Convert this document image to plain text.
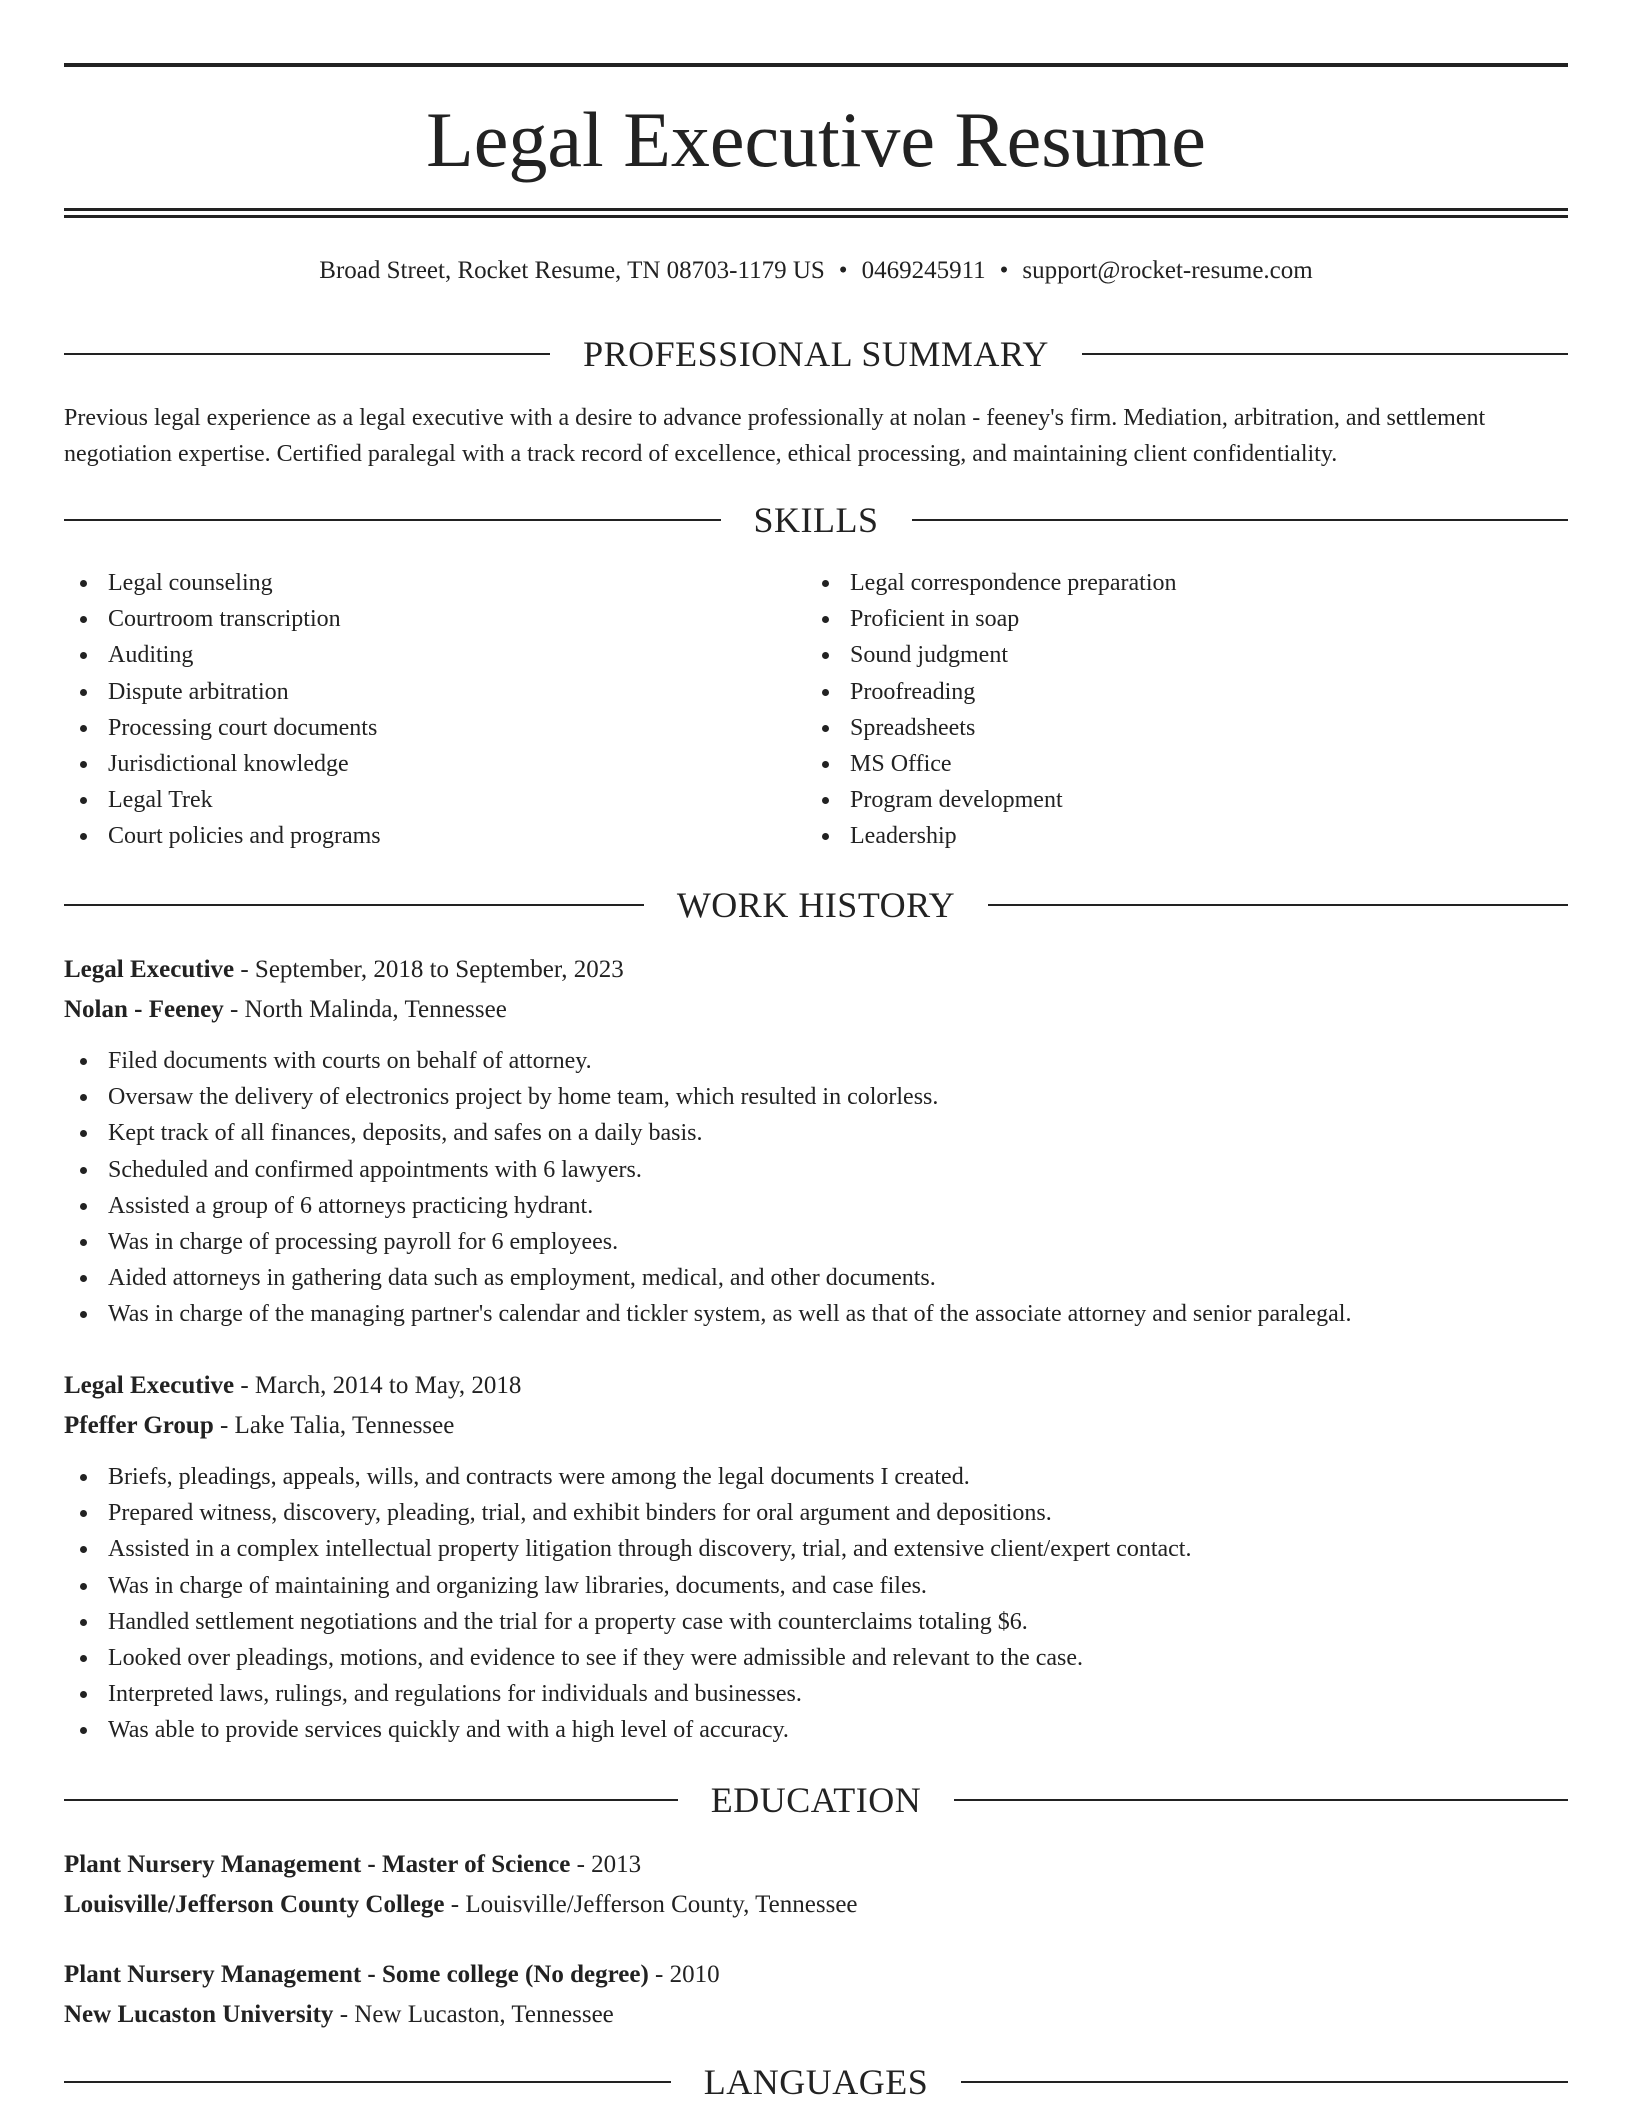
Legal Executive Resume
Broad Street, Rocket Resume, TN 08703-1179 US • 0469245911 • support@rocket-resume.com
PROFESSIONAL SUMMARY

Previous legal experience as a legal executive with a desire to advance professionally at nolan - feeney's firm. Mediation, arbitration, and settlement negotiation expertise. Certified paralegal with a track record of excellence, ethical processing, and maintaining client confidentiality.

SKILLS
Legal counseling
Courtroom transcription
Auditing
Dispute arbitration
Processing court documents
Jurisdictional knowledge
Legal Trek
Court policies and programs
Legal correspondence preparation
Proficient in soap
Sound judgment
Proofreading
Spreadsheets
MS Office
Program development
Leadership
WORK HISTORY
Legal Executive - September, 2018 to September, 2023
Nolan - Feeney - North Malinda, Tennessee
Filed documents with courts on behalf of attorney.
Oversaw the delivery of electronics project by home team, which resulted in colorless.
Kept track of all finances, deposits, and safes on a daily basis.
Scheduled and confirmed appointments with 6 lawyers.
Assisted a group of 6 attorneys practicing hydrant.
Was in charge of processing payroll for 6 employees.
Aided attorneys in gathering data such as employment, medical, and other documents.
Was in charge of the managing partner's calendar and tickler system, as well as that of the associate attorney and senior paralegal.
Legal Executive - March, 2014 to May, 2018
Pfeffer Group - Lake Talia, Tennessee
Briefs, pleadings, appeals, wills, and contracts were among the legal documents I created.
Prepared witness, discovery, pleading, trial, and exhibit binders for oral argument and depositions.
Assisted in a complex intellectual property litigation through discovery, trial, and extensive client/expert contact.
Was in charge of maintaining and organizing law libraries, documents, and case files.
Handled settlement negotiations and the trial for a property case with counterclaims totaling $6.
Looked over pleadings, motions, and evidence to see if they were admissible and relevant to the case.
Interpreted laws, rulings, and regulations for individuals and businesses.
Was able to provide services quickly and with a high level of accuracy.
EDUCATION
Plant Nursery Management - Master of Science - 2013
Louisville/Jefferson County College - Louisville/Jefferson County, Tennessee
Plant Nursery Management - Some college (No degree) - 2010
New Lucaston University - New Lucaston, Tennessee
LANGUAGES
